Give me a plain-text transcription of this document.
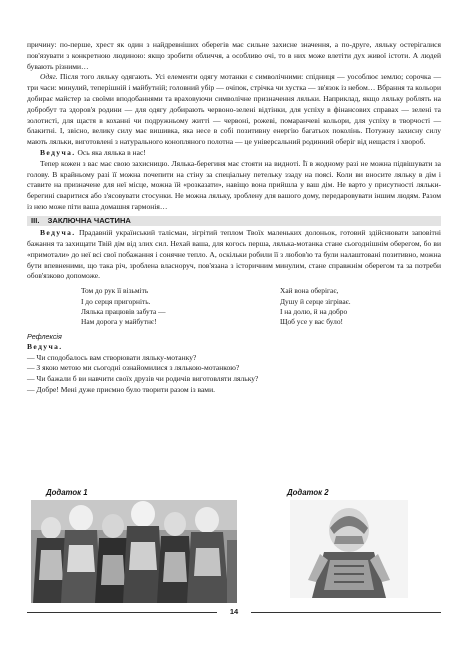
причину: по-перше, хрест як один з найдревніших оберегів має сильне захисне значення, а по-друге, ляльку остерігалися пов'язувати з конкретною людиною: якщо зробити обличчя, а особливо очі, то в них може влетіти дух живої істоти. А людей бувають різними…

Одяг. Після того ляльку одягають. Усі елементи одягу мотанки є символічними: спідниця — уособлює землю; сорочка — три часи: минулий, теперішній і майбутній; головний убір — очіпок, стрічка чи хустка — зв'язок із небом… Вбрання та кольори добирає майстер за своїми вподобаннями та враховуючи символічне призначення ляльки. Наприклад, якщо ляльку роблять на добробут та здоров'я родини — для одягу добирають червоно-зелені відтінки, для успіху в фінансових справах — зелені та золотисті, для щастя в коханні чи подружньому житті — червоні, рожеві, помаранчеві кольори, для успіху в творчості — блакитні. І, звісно, велику силу має вишивка, яка несе в собі позитивну енергію багатьох поколінь. Потужну захисну силу мають ляльки, виготовлені з натурального конопляного полотна — це універсальний родинний оберіг від нещастя і хвороб.

Ведуча. Ось яка лялька в нас!

Тепер кожен з вас має свою захисницю. Лялька-берегиня має стояти на видноті. Її в жодному разі не можна підвішувати за голову. В крайньому разі її можна почепити на стіну за спеціальну петельку ззаду на поясі. Коли ви вносите ляльку в дім і ставите на призначене для неї місце, можна їй «розказати», навіщо вона прийшла у ваш дім. Не варто у присутності ляльки-берегині сваритися або з'ясовувати стосунки. Не можна ляльку, зроблену для вашого дому, передаровувати іншим людям. Разом із нею може піти ваша домашня гармонія…

III. ЗАКЛЮЧНА ЧАСТИНА

Ведуча. Прадавній український талісман, зігрітий теплом Твоїх маленьких долоньок, готовий здійснювати заповітні бажання та захищати Твій дім від злих сил. Нехай ваша, для когось перша, лялька-мотанка стане сьогоднішнім оберегом, бо ви «примотали» до неї всі свої побажання і сонячне тепло. А, оскільки робили її з любов'ю та були налаштовані позитивно, можна бути впевненими, що така річ, зроблена власноруч, пов'язана з історичним минулим, стане справжнім оберегом та за потреби обов'язково допоможе.

Том до рук її візьміть
І до серця пригорніть.
Лялька працювів забута —
Нам дорога у майбутнє!
Хай вона оберігає,
Душу й серце зігріває.
І на долю, й на добро
Щоб усе у вас було!
Рефлексія

Ведуча.

— Чи сподобалось вам створювати ляльку-мотанку?

— З якою метою ми сьогодні ознайомилися з лялькою-мотанкою?

— Чи бажали б ви навчити своїх друзів чи родичів виготовляти ляльку?

— Добре! Мені дуже приємно було творити разом із вами.

Додаток 1	Додаток 2
14
